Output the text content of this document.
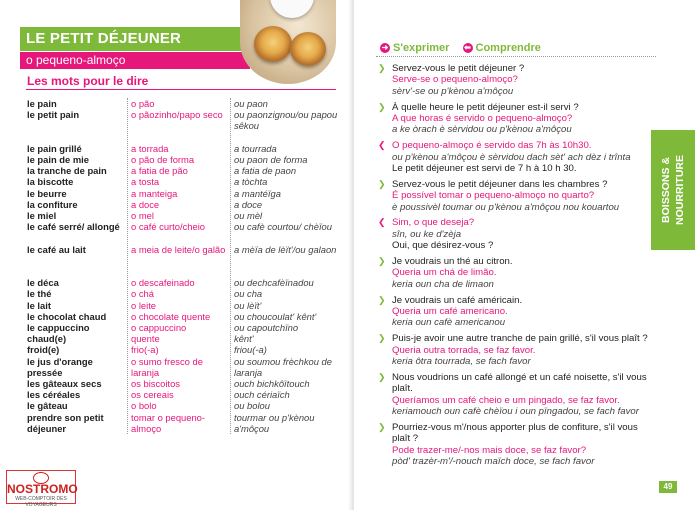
LE PETIT DÉJEUNER
o pequeno-almoço
Les mots pour le dire
le pain
le petit pain
le pain grillé
le pain de mie
la tranche de pain
la biscotte
le beurre
la confiture
le miel
le café serré/ allongé
le café au lait
le déca
le thé
le lait
le chocolat chaud
le cappuccino
chaud(e)
froid(e)
le jus d'orange pressée
les gâteaux secs
les céréales
le gâteau
prendre son petit déjeuner
o pão
o pãozinho/papo seco
a torrada
o pão de forma
a fatia de pão
a tosta
a manteiga
a doce
o mel
o café curto/cheio
a meia de leite/o galão
o descafeinado
o chá
o leite
o chocolate quente
o cappuccino
quente
frio(-a)
o sumo fresco de laranja
os biscoitos
os cereais
o bolo
tomar o pequeno-almoço
ou paon
ou paonzignou/ou papou sêkou
a tourrada
ou paon de forma
a fatia de paon
a tòchta
a mantéïga
a doce
ou mèl
ou cafè courtou/ chèïou
a mèïa de lèït'/ou galaon
ou dechcafèïnadou
ou cha
ou lèït'
ou choucoulat' kênt'
ou capoutchïno
kênt'
friou(-a)
ou soumou frèchkou de laranja
ouch bichkôïtouch
ouch cériaïch
ou bolou
tourmar ou p'kènou a'môçou
NOSTROMO
WEB-COMPTOIR DES VOYAGEURS
➜ S'exprimer ⬅ Comprendre
❯ Servez-vous le petit déjeuner ?
Serve-se o pequeno-almoço?
sèrv'-se ou p'kènou a'môçou
❯ À quelle heure le petit déjeuner est-il servi ?
A que horas é servido o pequeno-almoço?
a ke òrach è sèrvidou ou p'kènou a'môçou
❮ O pequeno-almoço é servido das 7h às 10h30.
ou p'kènou a'môçou è sèrvidou dach sèt' ach dèz i trînta
Le petit déjeuner est servi de 7 h à 10 h 30.
❯ Servez-vous le petit déjeuner dans les chambres ?
É possível tomar o pequeno-almoço no quarto?
è poussivèl toumar ou p'kènou a'môçou nou kouartou
❮ Sim, o que deseja?
sîn, ou ke d'zèja
Oui, que désirez-vous ?
❯ Je voudrais un thé au citron.
Queria um chá de limão.
keria oun cha de limaon
❯ Je voudrais un café américain.
Queria um café americano.
keria oun cafè americanou
❯ Puis-je avoir une autre tranche de pain grillé, s'il vous plaît ?
Queria outra torrada, se faz favor.
keria ôtra tourrada, se fach favor
❯ Nous voudrions un café allongé et un café noisette, s'il vous plaît.
Queríamos um café cheio e um pingado, se faz favor.
keriamouch oun cafè chèïou i oun pïngadou, se fach favor
❯ Pourriez-vous m'/nous apporter plus de confiture, s'il vous plaît ?
Pode trazer-me/-nos mais doce, se faz favor?
pòd' trazèr-m'/-nouch maïch doce, se fach favor
BOISSONS & NOURRITURE
49
